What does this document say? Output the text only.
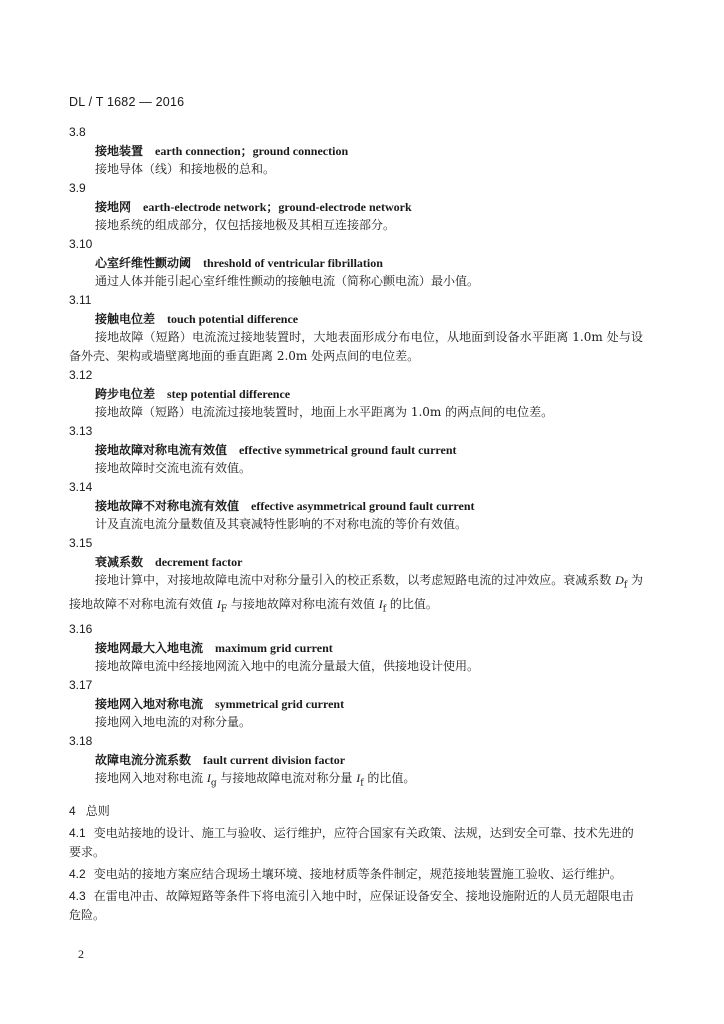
DL / T 1682 — 2016
3.8
接地装置 earth connection；ground connection
接地导体（线）和接地极的总和。
3.9
接地网 earth-electrode network；ground-electrode network
接地系统的组成部分，仅包括接地极及其相互连接部分。
3.10
心室纤维性颤动阈 threshold of ventricular fibrillation
通过人体并能引起心室纤维性颤动的接触电流（简称心颤电流）最小值。
3.11
接触电位差 touch potential difference
接地故障（短路）电流流过接地装置时，大地表面形成分布电位，从地面到设备水平距离 1.0m 处与设备外壳、架构或墙壁离地面的垂直距离 2.0m 处两点间的电位差。
3.12
跨步电位差 step potential difference
接地故障（短路）电流流过接地装置时，地面上水平距离为 1.0m 的两点间的电位差。
3.13
接地故障对称电流有效值 effective symmetrical ground fault current
接地故障时交流电流有效值。
3.14
接地故障不对称电流有效值 effective asymmetrical ground fault current
计及直流电流分量数值及其衰减特性影响的不对称电流的等价有效值。
3.15
衰减系数 decrement factor
接地计算中，对接地故障电流中对称分量引入的校正系数，以考虑短路电流的过冲效应。衰减系数 $D_f$ 为接地故障不对称电流有效值 $I_F$ 与接地故障对称电流有效值 $I_f$ 的比值。
3.16
接地网最大入地电流 maximum grid current
接地故障电流中经接地网流入地中的电流分量最大值，供接地设计使用。
3.17
接地网入地对称电流 symmetrical grid current
接地网入地电流的对称分量。
3.18
故障电流分流系数 fault current division factor
接地网入地对称电流 $I_g$ 与接地故障电流对称分量 $I_f$ 的比值。
4 总则
4.1 变电站接地的设计、施工与验收、运行维护，应符合国家有关政策、法规，达到安全可靠、技术先进的要求。
4.2 变电站的接地方案应结合现场土壤环境、接地材质等条件制定，规范接地装置施工验收、运行维护。
4.3 在雷电冲击、故障短路等条件下将电流引入地中时，应保证设备安全、接地设施附近的人员无超限电击危险。
2
